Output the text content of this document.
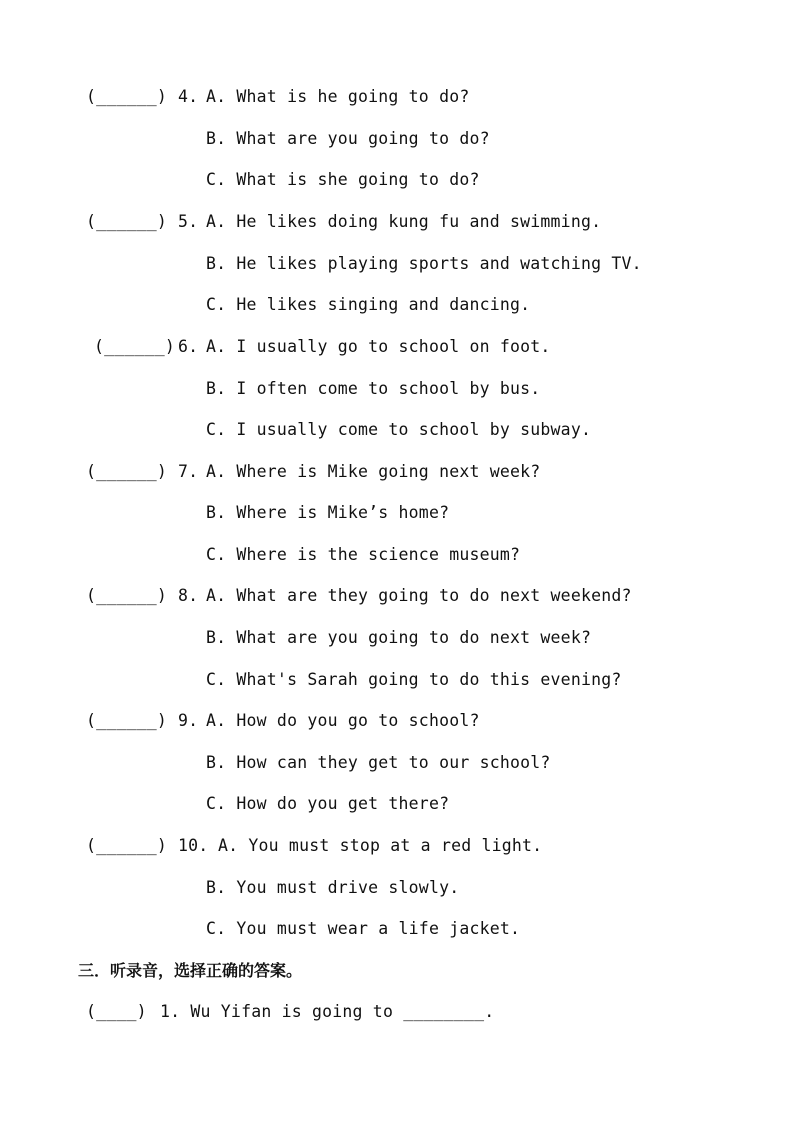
(______) 4. A. What is he going to do?
B. What are you going to do?
C. What is she going to do?
(______) 5. A. He likes doing kung fu and swimming.
B. He likes playing sports and watching TV.
C. He likes singing and dancing.
(______) 6. A. I usually go to school on foot.
B. I often come to school by bus.
C. I usually come to school by subway.
(______) 7. A. Where is Mike going next week?
B. Where is Mike’s home?
C. Where is the science museum?
(______) 8. A. What are they going to do next weekend?
B. What are you going to do next week?
C. What's Sarah going to do this evening?
(______) 9. A. How do you go to school?
B. How can they get to our school?
C. How do you get there?
(______) 10. A. You must stop at a red light.
B. You must drive slowly.
C. You must wear a life jacket.
三．听录音，选择正确的答案。
(____) 1. Wu Yifan is going to ________.
